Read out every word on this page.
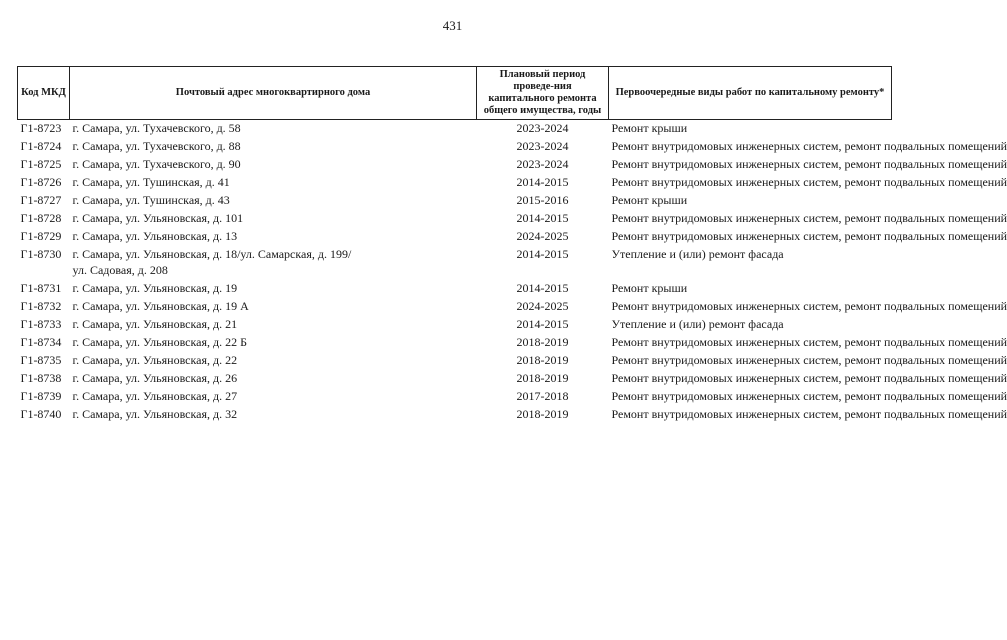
431
Код МКД	Почтовый адрес многоквартирного дома	Плановый период проведе-ния капитального ремонта общего имущества, годы	Первоочередные виды работ по капитальному ремонту*
Г1-8723	г. Самара, ул. Тухачевского, д. 58	2023-2024	Ремонт крыши
Г1-8724	г. Самара, ул. Тухачевского, д. 88	2023-2024	Ремонт внутридомовых инженерных систем, ремонт подвальных помещений
Г1-8725	г. Самара, ул. Тухачевского, д. 90	2023-2024	Ремонт внутридомовых инженерных систем, ремонт подвальных помещений
Г1-8726	г. Самара, ул. Тушинская, д. 41	2014-2015	Ремонт внутридомовых инженерных систем, ремонт подвальных помещений
Г1-8727	г. Самара, ул. Тушинская, д. 43	2015-2016	Ремонт крыши
Г1-8728	г. Самара, ул. Ульяновская, д. 101	2014-2015	Ремонт внутридомовых инженерных систем, ремонт подвальных помещений
Г1-8729	г. Самара, ул. Ульяновская, д. 13	2024-2025	Ремонт внутридомовых инженерных систем, ремонт подвальных помещений
Г1-8730	г. Самара, ул. Ульяновская, д. 18/ул. Самарская, д. 199/
ул. Садовая, д. 208	2014-2015	Утепление и (или) ремонт фасада
Г1-8731	г. Самара, ул. Ульяновская, д. 19	2014-2015	Ремонт крыши
Г1-8732	г. Самара, ул. Ульяновская, д. 19 А	2024-2025	Ремонт внутридомовых инженерных систем, ремонт подвальных помещений
Г1-8733	г. Самара, ул. Ульяновская, д. 21	2014-2015	Утепление и (или) ремонт фасада
Г1-8734	г. Самара, ул. Ульяновская, д. 22 Б	2018-2019	Ремонт внутридомовых инженерных систем, ремонт подвальных помещений
Г1-8735	г. Самара, ул. Ульяновская, д. 22	2018-2019	Ремонт внутридомовых инженерных систем, ремонт подвальных помещений
Г1-8738	г. Самара, ул. Ульяновская, д. 26	2018-2019	Ремонт внутридомовых инженерных систем, ремонт подвальных помещений
Г1-8739	г. Самара, ул. Ульяновская, д. 27	2017-2018	Ремонт внутридомовых инженерных систем, ремонт подвальных помещений
Г1-8740	г. Самара, ул. Ульяновская, д. 32	2018-2019	Ремонт внутридомовых инженерных систем, ремонт подвальных помещений
